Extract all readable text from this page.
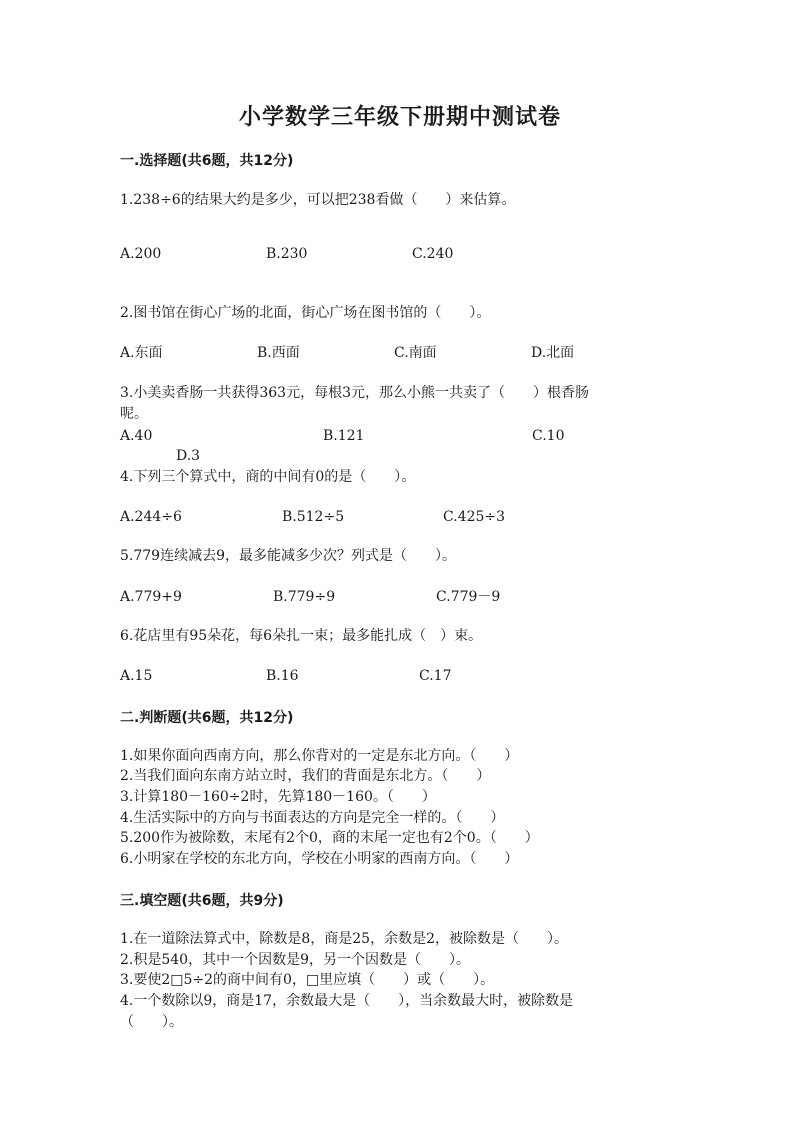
小学数学三年级下册期中测试卷
一.选择题(共6题，共12分)
1.238÷6的结果大约是多少，可以把238看做（　　）来估算。
A.200	B.230	C.240
2.图书馆在街心广场的北面，街心广场在图书馆的（　　）。
A.东面	B.西面	C.南面	D.北面
3.小美卖香肠一共获得363元，每根3元，那么小熊一共卖了（　　）根香肠
呢。
A.40	B.121	C.10
D.3
4.下列三个算式中，商的中间有0的是（　　）。
A.244÷6	B.512÷5	C.425÷3
5.779连续减去9，最多能减多少次？列式是（　　）。
A.779+9	B.779÷9	C.779－9
6.花店里有95朵花，每6朵扎一束；最多能扎成（　）束。
A.15	B.16	C.17
二.判断题(共6题，共12分)
1.如果你面向西南方向，那么你背对的一定是东北方向。（　　）
2.当我们面向东南方站立时，我们的背面是东北方。（　　）
3.计算180－160÷2时，先算180－160。（　　）
4.生活实际中的方向与书面表达的方向是完全一样的。（　　）
5.200作为被除数，末尾有2个0，商的末尾一定也有2个0。（　　）
6.小明家在学校的东北方向，学校在小明家的西南方向。（　　）
三.填空题(共6题，共9分)
1.在一道除法算式中，除数是8，商是25，余数是2，被除数是（　　）。
2.积是540，其中一个因数是9，另一个因数是（　　）。
3.要使2□5÷2的商中间有0，□里应填（　　）或（　　）。
4.一个数除以9，商是17，余数最大是（　　），当余数最大时，被除数是
（　　）。
